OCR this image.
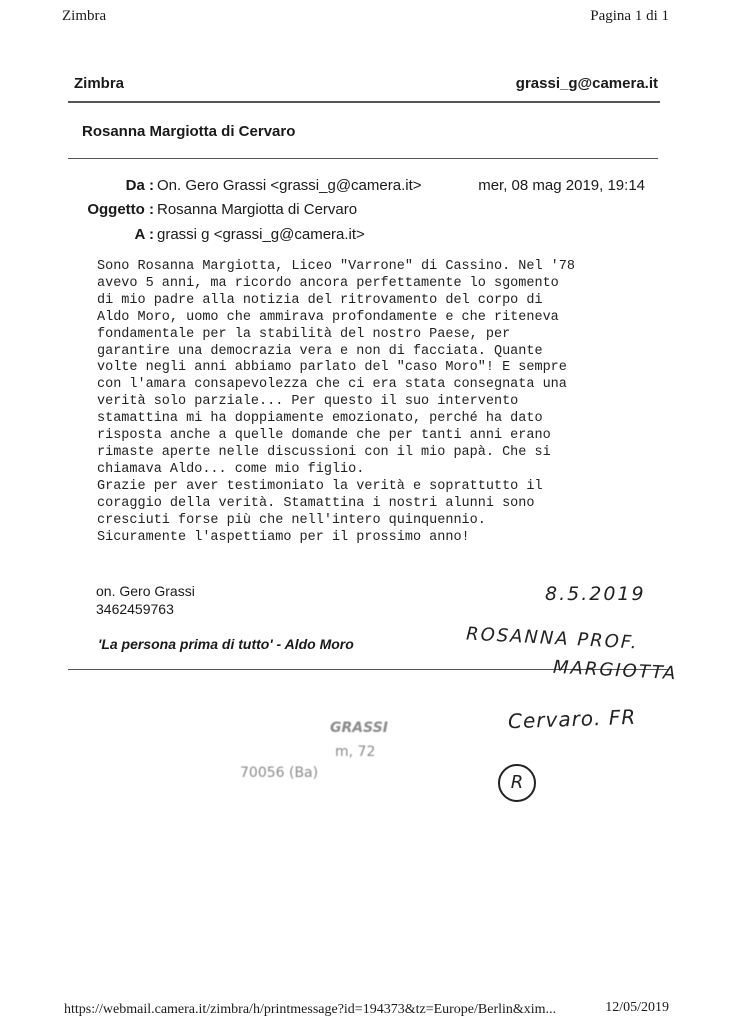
Zimbra	Pagina 1 di 1
Zimbra	grassi_g@camera.it
Rosanna Margiotta di Cervaro
Da : On. Gero Grassi <grassi_g@camera.it>	mer, 08 mag 2019, 19:14
Oggetto : Rosanna Margiotta di Cervaro
A : grassi g <grassi_g@camera.it>

Sono Rosanna Margiotta, Liceo "Varrone" di Cassino. Nel '78

avevo 5 anni, ma ricordo ancora perfettamente lo sgomento

di mio padre alla notizia del ritrovamento del corpo di

Aldo Moro, uomo che ammirava profondamente e che riteneva

fondamentale per la stabilità del nostro Paese, per

garantire una democrazia vera e non di facciata. Quante

volte negli anni abbiamo parlato del "caso Moro"! E sempre

con l'amara consapevolezza che ci era stata consegnata una

verità solo parziale... Per questo il suo intervento

stamattina mi ha doppiamente emozionato, perché ha dato

risposta anche a quelle domande che per tanti anni erano

rimaste aperte nelle discussioni con il mio papà. Che si

chiamava Aldo... come mio figlio.

Grazie per aver testimoniato la verità e soprattutto il

coraggio della verità. Stamattina i nostri alunni sono

cresciuti forse più che nell'intero quinquennio.

Sicuramente l'aspettiamo per il prossimo anno!

on. Gero Grassi
3462459763
'La persona prima di tutto' - Aldo Moro
8.5.2019
ROSANNA PROF.
MARGIOTTA
Cervaro. FR
R
GRASSI
m, 72
70056 (Ba)
https://webmail.camera.it/zimbra/h/printmessage?id=194373&tz=Europe/Berlin&xim...	12/05/2019
